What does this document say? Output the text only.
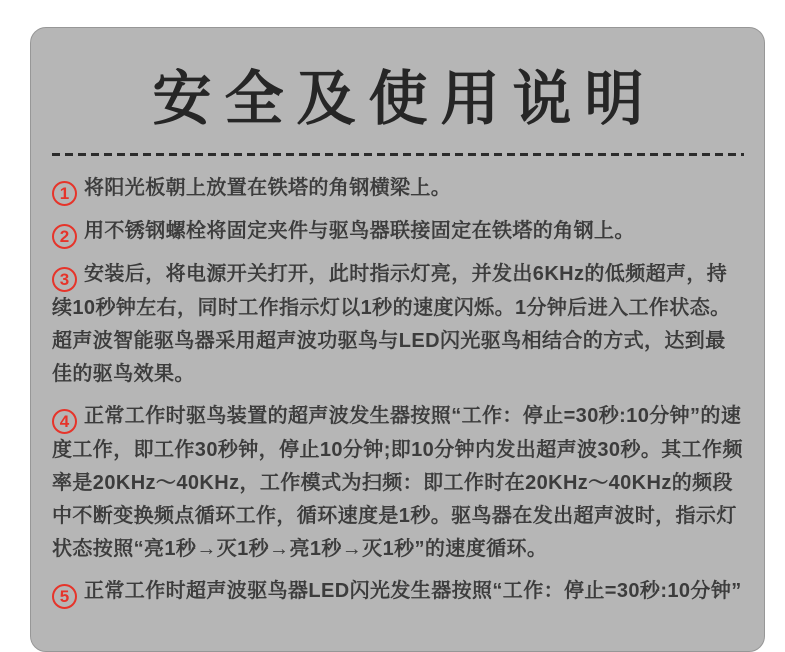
安全及使用说明
1 将阳光板朝上放置在铁塔的角钢横梁上。
2 用不锈钢螺栓将固定夹件与驱鸟器联接固定在铁塔的角钢上。
3 安装后，将电源开关打开，此时指示灯亮，并发出6KHz的低频超声，持续10秒钟左右，同时工作指示灯以1秒的速度闪烁。1分钟后进入工作状态。超声波智能驱鸟器采用超声波功驱鸟与LED闪光驱鸟相结合的方式，达到最佳的驱鸟效果。
4 正常工作时驱鸟装置的超声波发生器按照“工作：停止=30秒:10分钟”的速度工作，即工作30秒钟，停止10分钟;即10分钟内发出超声波30秒。其工作频率是20KHz～40KHz，工作模式为扫频：即工作时在20KHz～40KHz的频段中不断变换频点循环工作，循环速度是1秒。驱鸟器在发出超声波时，指示灯状态按照“亮1秒→灭1秒→亮1秒→灭1秒”的速度循环。
5 正常工作时超声波驱鸟器LED闪光发生器按照“工作：停止=30秒:10分钟”
